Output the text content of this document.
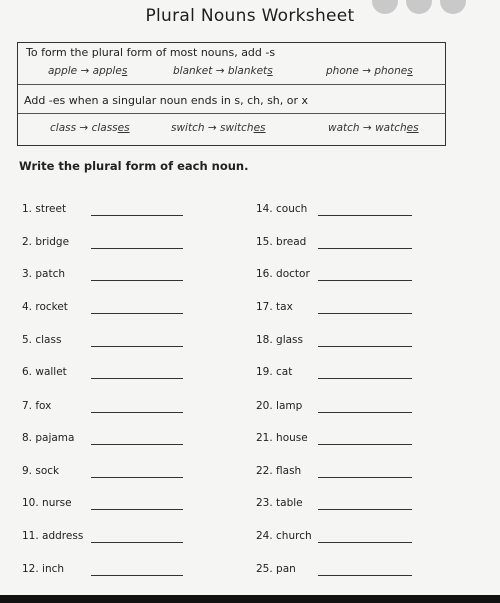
Plural Nouns Worksheet
To form the plural form of most nouns, add -s
apple → apples	blanket → blankets	phone → phones
Add -es when a singular noun ends in s, ch, sh, or x
class → classes	switch → switches	watch → watches
Write the plural form of each noun.
1. street
2. bridge
3. patch
4. rocket
5. class
6. wallet
7. fox
8. pajama
9. sock
10. nurse
11. address
12. inch
14. couch
15. bread
16. doctor
17. tax
18. glass
19. cat
20. lamp
21. house
22. flash
23. table
24. church
25. pan
